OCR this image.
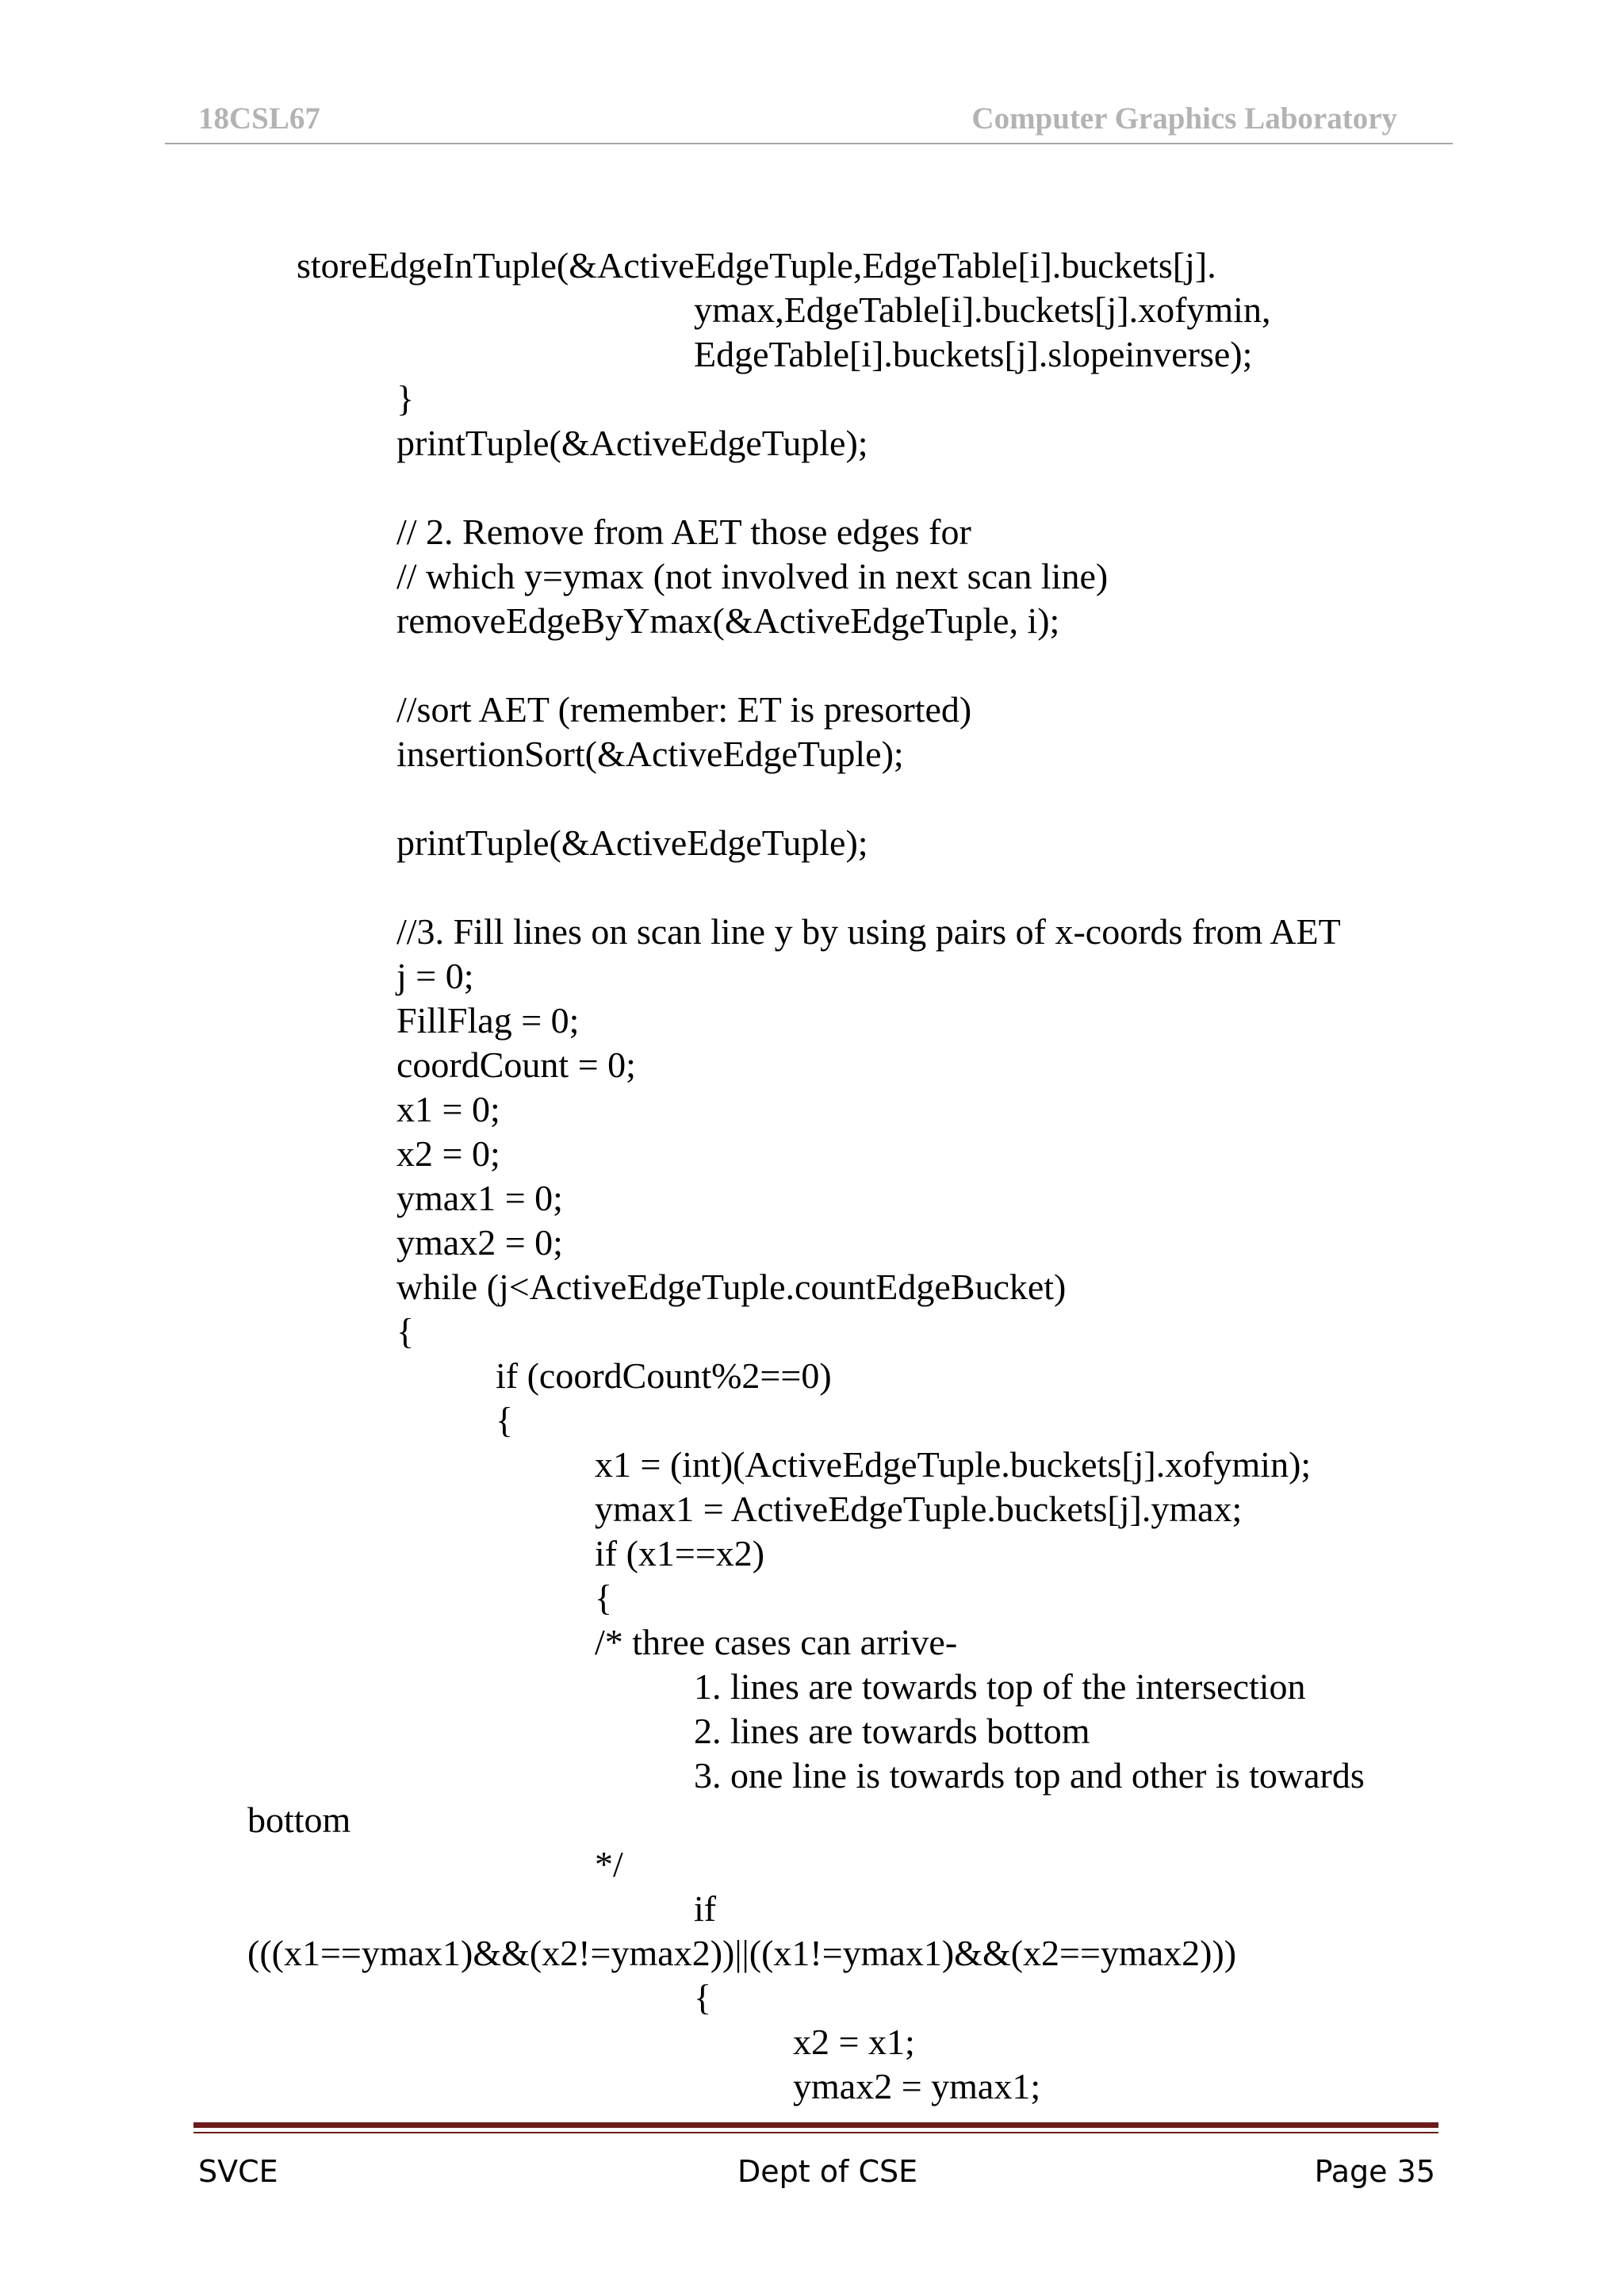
18CSL67	Computer Graphics Laboratory
storeEdgeInTuple(&ActiveEdgeTuple,EdgeTable[i].buckets[j].
ymax,EdgeTable[i].buckets[j].xofymin,
EdgeTable[i].buckets[j].slopeinverse);
}
printTuple(&ActiveEdgeTuple);
// 2. Remove from AET those edges for
// which y=ymax (not involved in next scan line)
removeEdgeByYmax(&ActiveEdgeTuple, i);
//sort AET (remember: ET is presorted)
insertionSort(&ActiveEdgeTuple);
printTuple(&ActiveEdgeTuple);
//3. Fill lines on scan line y by using pairs of x-coords from AET
j = 0;
FillFlag = 0;
coordCount = 0;
x1 = 0;
x2 = 0;
ymax1 = 0;
ymax2 = 0;
while (j<ActiveEdgeTuple.countEdgeBucket)
{
if (coordCount%2==0)
{
x1 = (int)(ActiveEdgeTuple.buckets[j].xofymin);
ymax1 = ActiveEdgeTuple.buckets[j].ymax;
if (x1==x2)
{
/* three cases can arrive-
1. lines are towards top of the intersection
2. lines are towards bottom
3. one line is towards top and other is towards
bottom
*/
if
(((x1==ymax1)&&(x2!=ymax2))||((x1!=ymax1)&&(x2==ymax2)))
{
x2 = x1;
ymax2 = ymax1;
SVCE	Dept of CSE	Page 35
